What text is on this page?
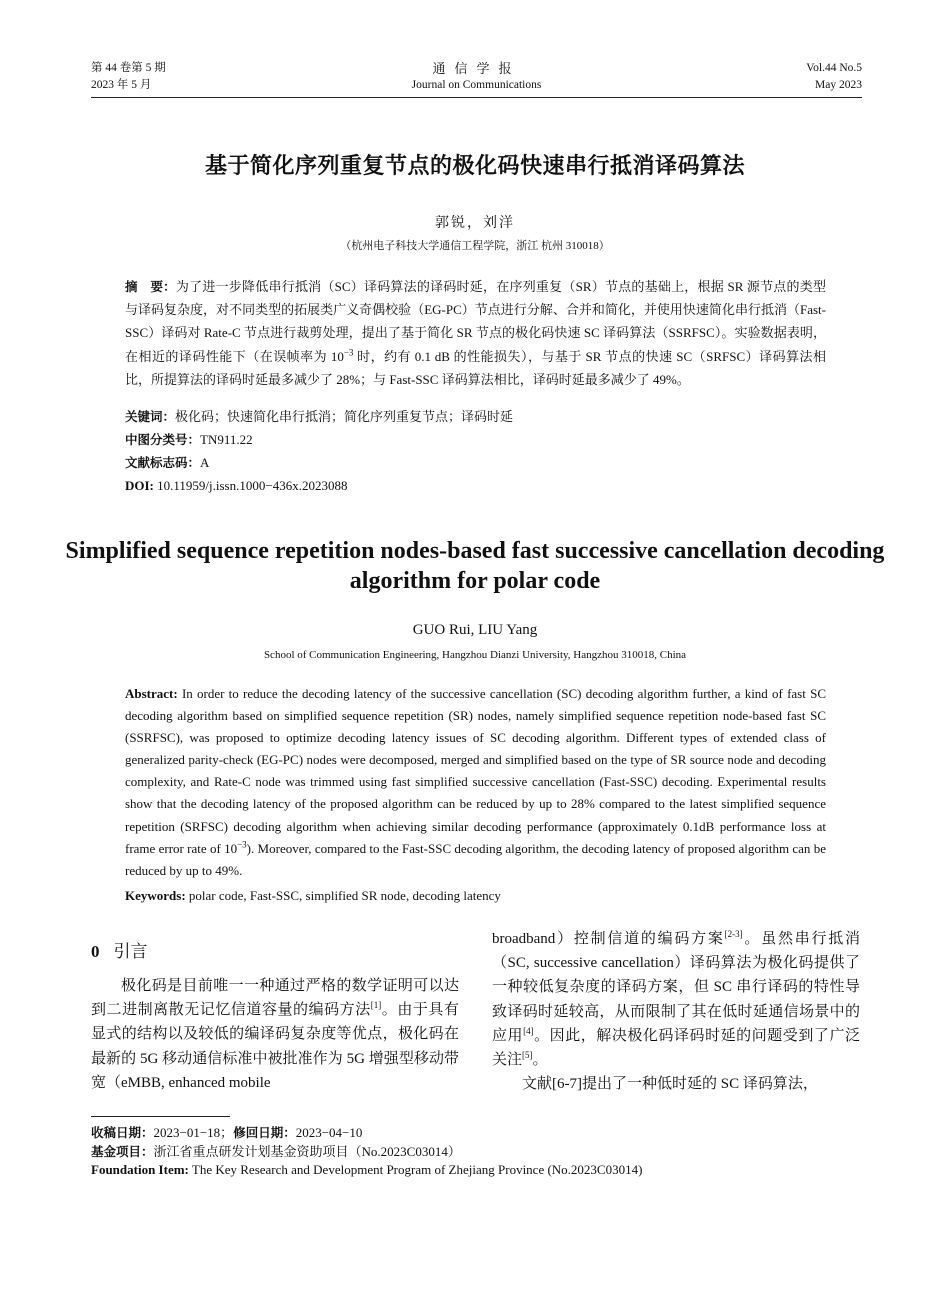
第 44 卷第 5 期
2023 年 5 月
通信学报
Journal on Communications
Vol.44 No.5
May 2023
基于简化序列重复节点的极化码快速串行抵消译码算法
郭锐，刘洋
（杭州电子科技大学通信工程学院，浙江 杭州 310018）
摘　要：为了进一步降低串行抵消（SC）译码算法的译码时延，在序列重复（SR）节点的基础上，根据 SR 源节点的类型与译码复杂度，对不同类型的拓展类广义奇偶校验（EG-PC）节点进行分解、合并和简化，并使用快速简化串行抵消（Fast-SSC）译码对 Rate-C 节点进行裁剪处理，提出了基于简化 SR 节点的极化码快速 SC 译码算法（SSRFSC）。实验数据表明，在相近的译码性能下（在误帧率为 $10^{-3}$ 时，约有 0.1 dB 的性能损失），与基于 SR 节点的快速 SC（SRFSC）译码算法相比，所提算法的译码时延最多减少了 28%；与 Fast-SSC 译码算法相比，译码时延最多减少了 49%。
关键词：极化码；快速简化串行抵消；简化序列重复节点；译码时延
中图分类号：TN911.22
文献标志码：A
DOI: 10.11959/j.issn.1000−436x.2023088
Simplified sequence repetition nodes-based fast successive cancellation decoding algorithm for polar code
GUO Rui, LIU Yang
School of Communication Engineering, Hangzhou Dianzi University, Hangzhou 310018, China
Abstract: In order to reduce the decoding latency of the successive cancellation (SC) decoding algorithm further, a kind of fast SC decoding algorithm based on simplified sequence repetition (SR) nodes, namely simplified sequence repetition node-based fast SC (SSRFSC), was proposed to optimize decoding latency issues of SC decoding algorithm. Different types of extended class of generalized parity-check (EG-PC) nodes were decomposed, merged and simplified based on the type of SR source node and decoding complexity, and Rate-C node was trimmed using fast simplified successive cancellation (Fast-SSC) decoding. Experimental results show that the decoding latency of the proposed algorithm can be reduced by up to 28% compared to the latest simplified sequence repetition (SRFSC) decoding algorithm when achieving similar decoding performance (approximately 0.1dB performance loss at frame error rate of $10^{-3}$). Moreover, compared to the Fast-SSC decoding algorithm, the decoding latency of proposed algorithm can be reduced by up to 49%.
Keywords: polar code, Fast-SSC, simplified SR node, decoding latency
0 引言

极化码是目前唯一一种通过严格的数学证明可以达到二进制离散无记忆信道容量的编码方法[1]。由于具有显式的结构以及较低的编译码复杂度等优点，极化码在最新的 5G 移动通信标准中被批准作为 5G 增强型移动带宽（eMBB, enhanced mobile

broadband）控制信道的编码方案[2-3]。虽然串行抵消（SC, successive cancellation）译码算法为极化码提供了一种较低复杂度的译码方案，但 SC 串行译码的特性导致译码时延较高，从而限制了其在低时延通信场景中的应用[4]。因此，解决极化码译码时延的问题受到了广泛关注[5]。

文献[6-7]提出了一种低时延的 SC 译码算法，

收稿日期：2023−01−18；修回日期：2023−04−10
基金项目：浙江省重点研发计划基金资助项目（No.2023C03014）
Foundation Item: The Key Research and Development Program of Zhejiang Province (No.2023C03014)
